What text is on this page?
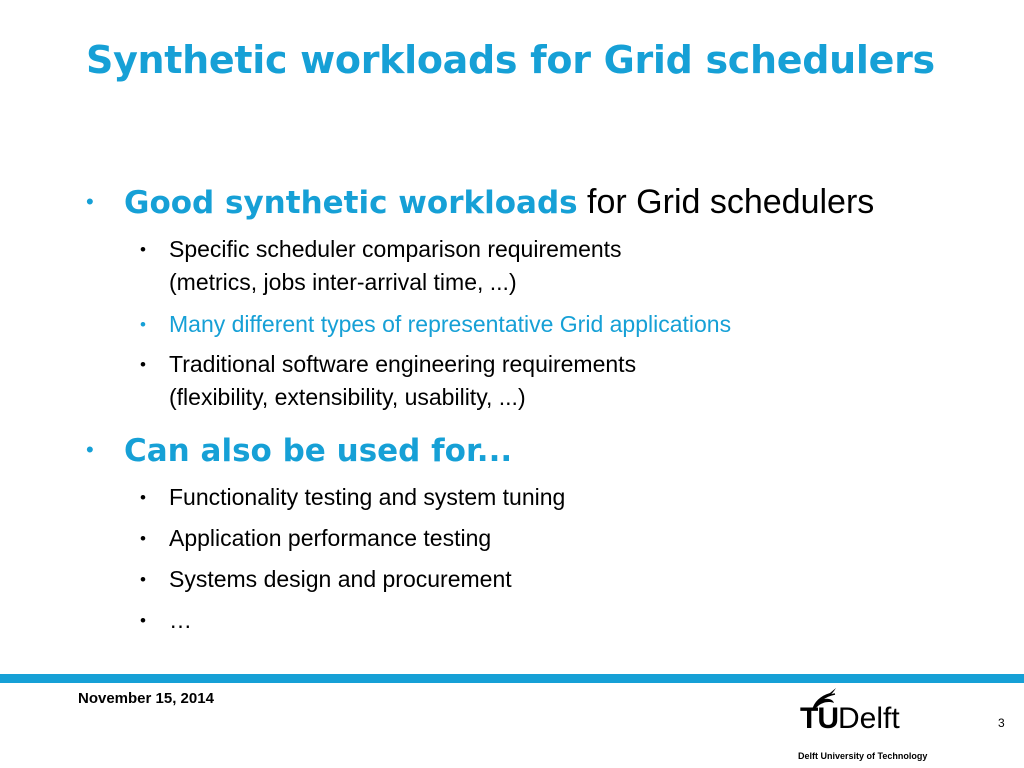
Synthetic workloads for Grid schedulers
• Good synthetic workloads for Grid schedulers
• Specific scheduler comparison requirements
(metrics, jobs inter-arrival time, ...)
• Many different types of representative Grid applications
• Traditional software engineering requirements
(flexibility, extensibility, usability, ...)
• Can also be used for...
• Functionality testing and system tuning
• Application performance testing
• Systems design and procurement
• …
November 15, 2014
TUDelft
Delft University of Technology
3
